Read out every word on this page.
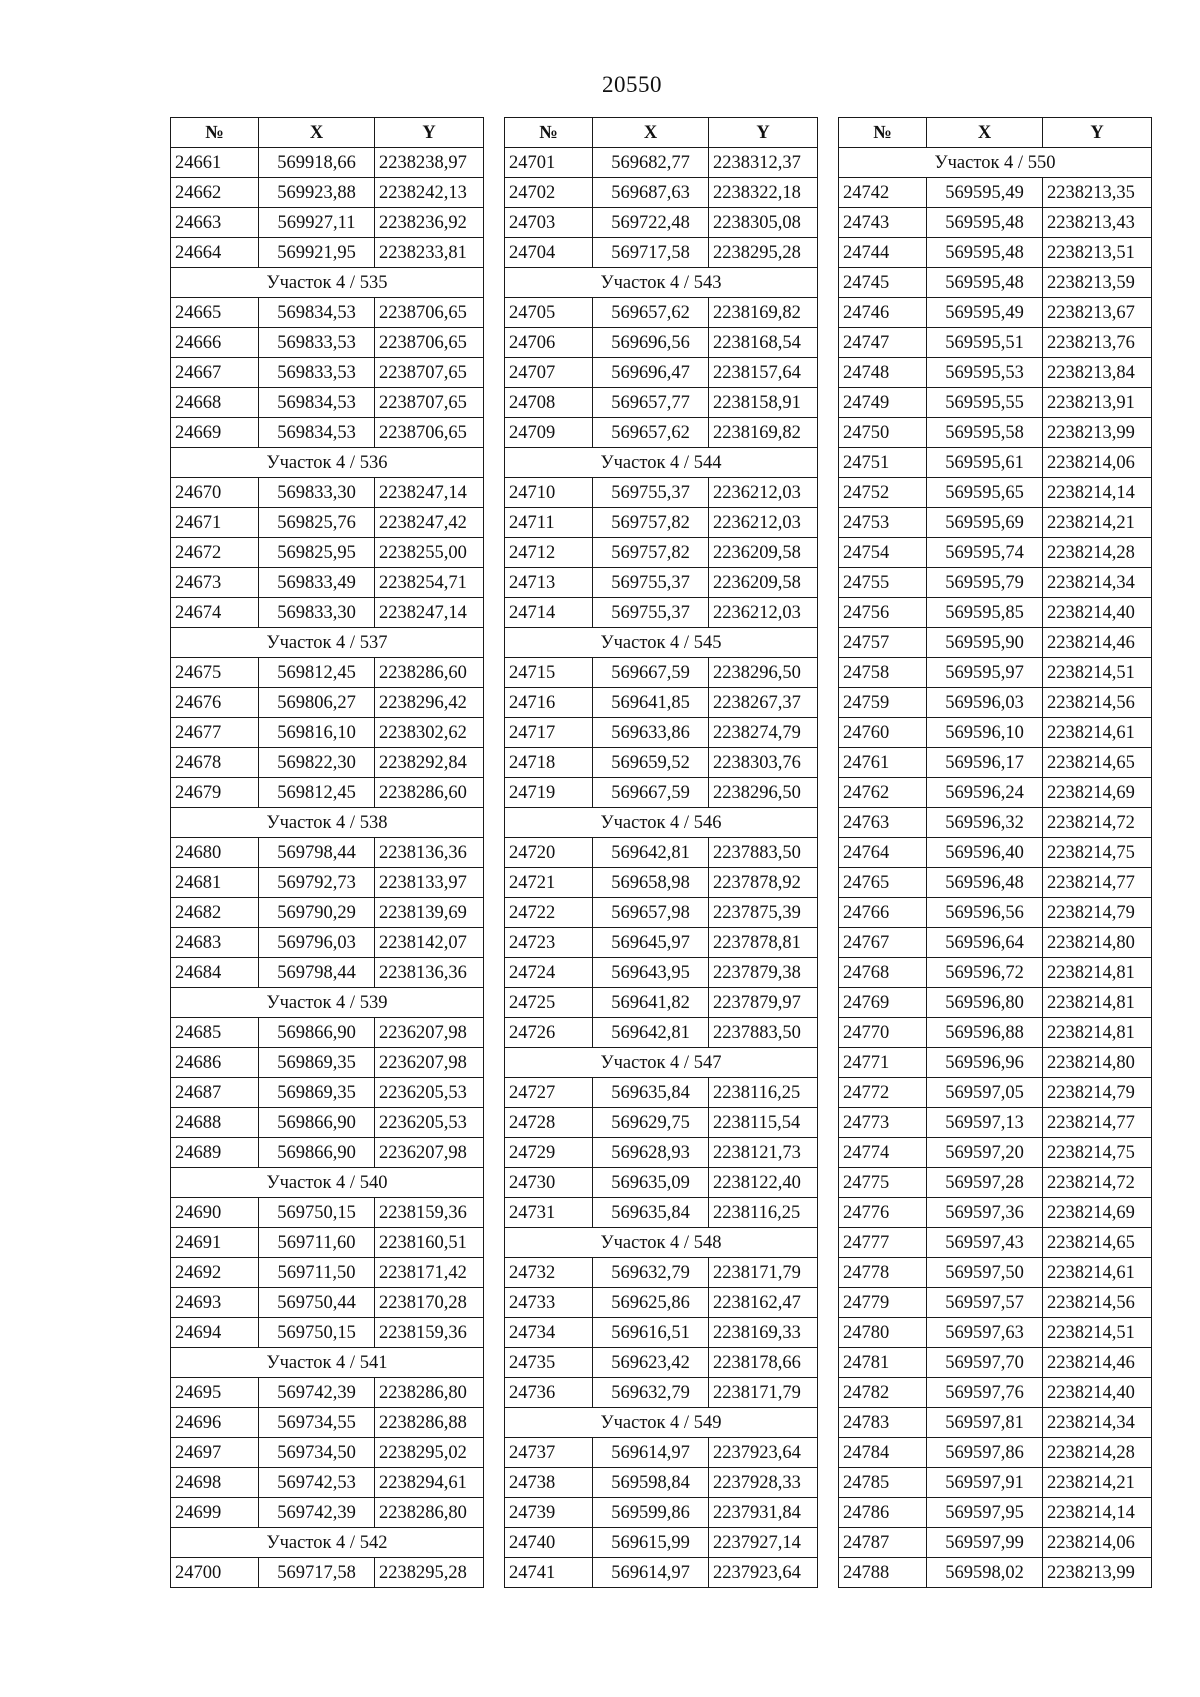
20550
№	X	Y
24661	569918,66	2238238,97
24662	569923,88	2238242,13
24663	569927,11	2238236,92
24664	569921,95	2238233,81
Участок 4 / 535		
24665	569834,53	2238706,65
24666	569833,53	2238706,65
24667	569833,53	2238707,65
24668	569834,53	2238707,65
24669	569834,53	2238706,65
Участок 4 / 536		
24670	569833,30	2238247,14
24671	569825,76	2238247,42
24672	569825,95	2238255,00
24673	569833,49	2238254,71
24674	569833,30	2238247,14
Участок 4 / 537		
24675	569812,45	2238286,60
24676	569806,27	2238296,42
24677	569816,10	2238302,62
24678	569822,30	2238292,84
24679	569812,45	2238286,60
Участок 4 / 538		
24680	569798,44	2238136,36
24681	569792,73	2238133,97
24682	569790,29	2238139,69
24683	569796,03	2238142,07
24684	569798,44	2238136,36
Участок 4 / 539		
24685	569866,90	2236207,98
24686	569869,35	2236207,98
24687	569869,35	2236205,53
24688	569866,90	2236205,53
24689	569866,90	2236207,98
Участок 4 / 540		
24690	569750,15	2238159,36
24691	569711,60	2238160,51
24692	569711,50	2238171,42
24693	569750,44	2238170,28
24694	569750,15	2238159,36
Участок 4 / 541		
24695	569742,39	2238286,80
24696	569734,55	2238286,88
24697	569734,50	2238295,02
24698	569742,53	2238294,61
24699	569742,39	2238286,80
Участок 4 / 542		
24700	569717,58	2238295,28
№	X	Y
24701	569682,77	2238312,37
24702	569687,63	2238322,18
24703	569722,48	2238305,08
24704	569717,58	2238295,28
Участок 4 / 543		
24705	569657,62	2238169,82
24706	569696,56	2238168,54
24707	569696,47	2238157,64
24708	569657,77	2238158,91
24709	569657,62	2238169,82
Участок 4 / 544		
24710	569755,37	2236212,03
24711	569757,82	2236212,03
24712	569757,82	2236209,58
24713	569755,37	2236209,58
24714	569755,37	2236212,03
Участок 4 / 545		
24715	569667,59	2238296,50
24716	569641,85	2238267,37
24717	569633,86	2238274,79
24718	569659,52	2238303,76
24719	569667,59	2238296,50
Участок 4 / 546		
24720	569642,81	2237883,50
24721	569658,98	2237878,92
24722	569657,98	2237875,39
24723	569645,97	2237878,81
24724	569643,95	2237879,38
24725	569641,82	2237879,97
24726	569642,81	2237883,50
Участок 4 / 547		
24727	569635,84	2238116,25
24728	569629,75	2238115,54
24729	569628,93	2238121,73
24730	569635,09	2238122,40
24731	569635,84	2238116,25
Участок 4 / 548		
24732	569632,79	2238171,79
24733	569625,86	2238162,47
24734	569616,51	2238169,33
24735	569623,42	2238178,66
24736	569632,79	2238171,79
Участок 4 / 549		
24737	569614,97	2237923,64
24738	569598,84	2237928,33
24739	569599,86	2237931,84
24740	569615,99	2237927,14
24741	569614,97	2237923,64
№	X	Y
Участок 4 / 550		
24742	569595,49	2238213,35
24743	569595,48	2238213,43
24744	569595,48	2238213,51
24745	569595,48	2238213,59
24746	569595,49	2238213,67
24747	569595,51	2238213,76
24748	569595,53	2238213,84
24749	569595,55	2238213,91
24750	569595,58	2238213,99
24751	569595,61	2238214,06
24752	569595,65	2238214,14
24753	569595,69	2238214,21
24754	569595,74	2238214,28
24755	569595,79	2238214,34
24756	569595,85	2238214,40
24757	569595,90	2238214,46
24758	569595,97	2238214,51
24759	569596,03	2238214,56
24760	569596,10	2238214,61
24761	569596,17	2238214,65
24762	569596,24	2238214,69
24763	569596,32	2238214,72
24764	569596,40	2238214,75
24765	569596,48	2238214,77
24766	569596,56	2238214,79
24767	569596,64	2238214,80
24768	569596,72	2238214,81
24769	569596,80	2238214,81
24770	569596,88	2238214,81
24771	569596,96	2238214,80
24772	569597,05	2238214,79
24773	569597,13	2238214,77
24774	569597,20	2238214,75
24775	569597,28	2238214,72
24776	569597,36	2238214,69
24777	569597,43	2238214,65
24778	569597,50	2238214,61
24779	569597,57	2238214,56
24780	569597,63	2238214,51
24781	569597,70	2238214,46
24782	569597,76	2238214,40
24783	569597,81	2238214,34
24784	569597,86	2238214,28
24785	569597,91	2238214,21
24786	569597,95	2238214,14
24787	569597,99	2238214,06
24788	569598,02	2238213,99
